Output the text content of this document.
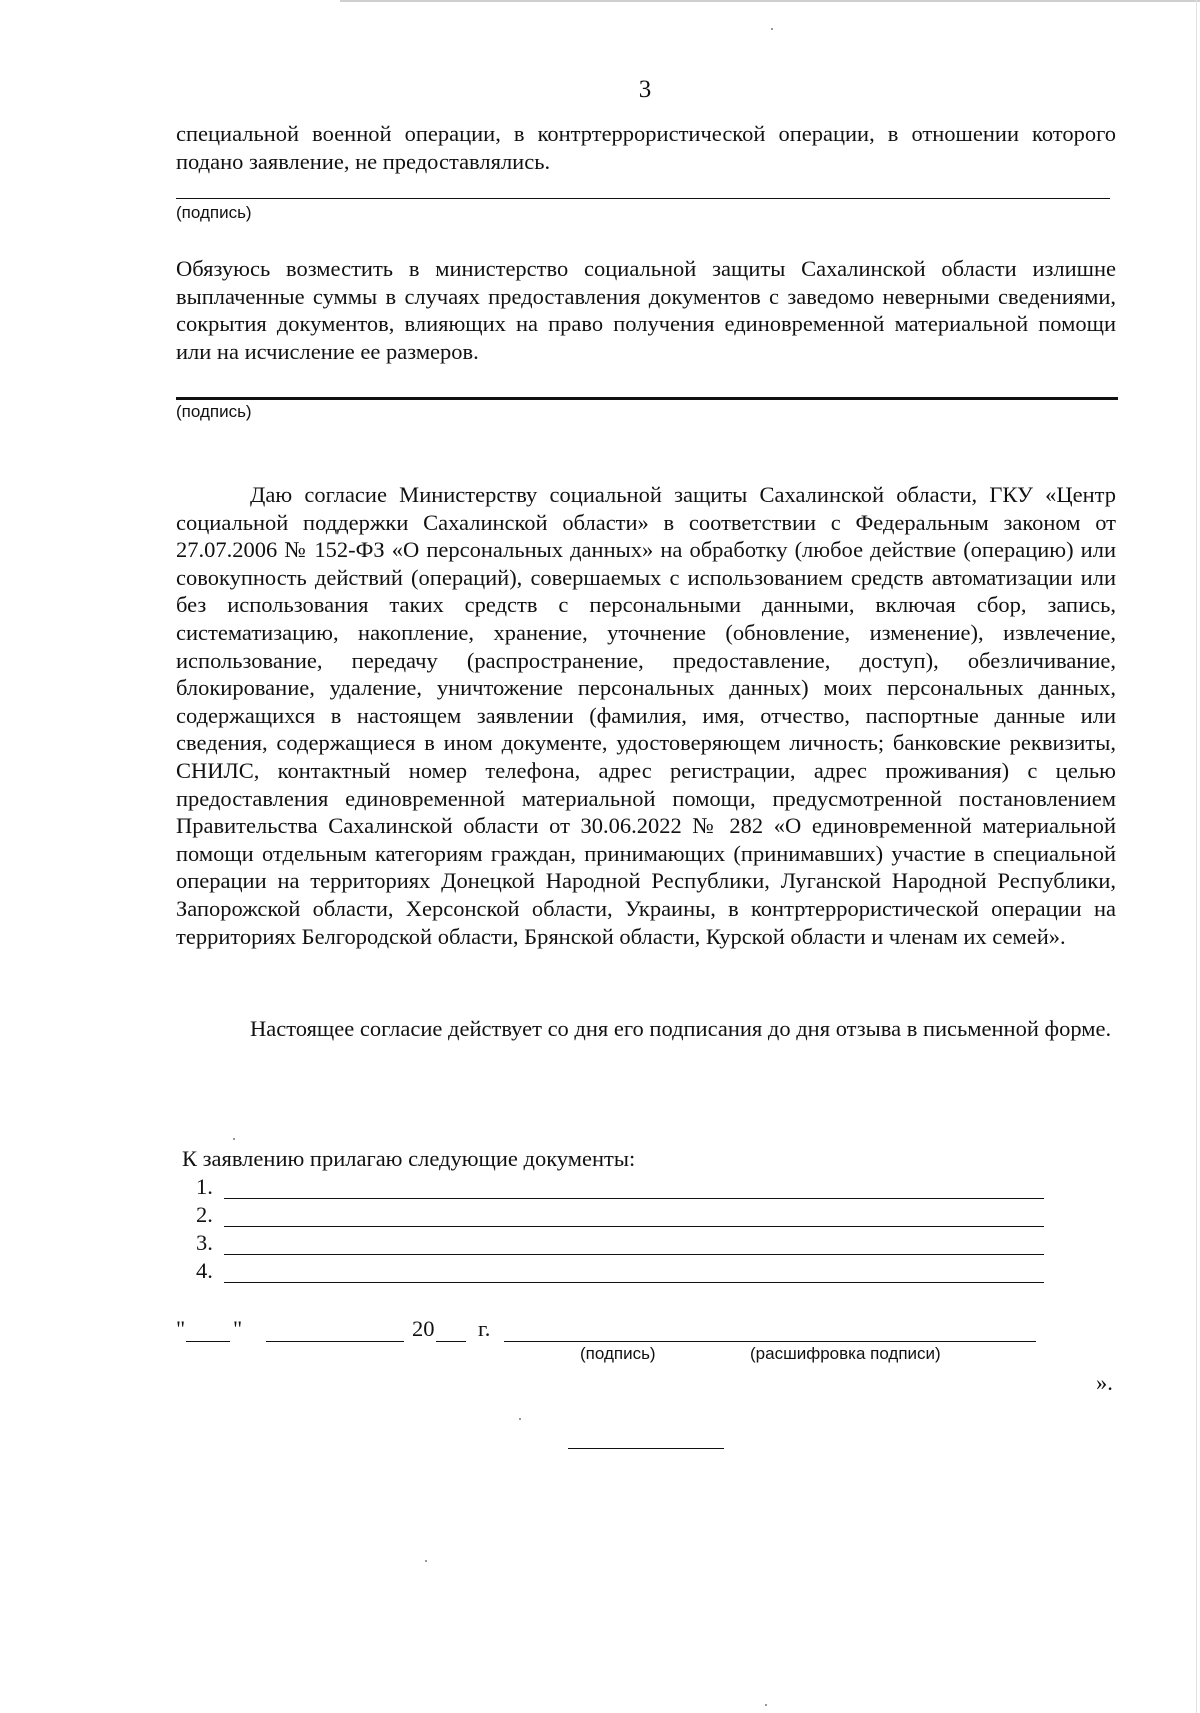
3

специальной военной операции, в контртеррористической операции, в отношении которого подано заявление, не предоставлялись.

(подпись)

Обязуюсь возместить в министерство социальной защиты Сахалинской области излишне выплаченные суммы в случаях предоставления документов с заведомо неверными сведениями, сокрытия документов, влияющих на право получения единовременной материальной помощи или на исчисление ее размеров.

(подпись)

Даю согласие Министерству социальной защиты Сахалинской области, ГКУ «Центр социальной поддержки Сахалинской области» в соответствии с Федеральным законом от 27.07.2006 № 152-ФЗ «О персональных данных» на обработку (любое действие (операцию) или совокупность действий (операций), совершаемых с использованием средств автоматизации или без использования таких средств с персональными данными, включая сбор, запись, систематизацию, накопление, хранение, уточнение (обновление, изменение), извлечение, использование, передачу (распространение, предоставление, доступ), обезличивание, блокирование, удаление, уничтожение персональных данных) моих персональных данных, содержащихся в настоящем заявлении (фамилия, имя, отчество, паспортные данные или сведения, содержащиеся в ином документе, удостоверяющем личность; банковские реквизиты, СНИЛС, контактный номер телефона, адрес регистрации, адрес проживания) с целью предоставления единовременной материальной помощи, предусмотренной постановлением Правительства Сахалинской области от 30.06.2022 № 282 «О единовременной материальной помощи отдельным категориям граждан, принимающих (принимавших) участие в специальной операции на территориях Донецкой Народной Республики, Луганской Народной Республики, Запорожской области, Херсонской области, Украины, в контртеррористической операции на территориях Белгородской области, Брянской области, Курской области и членам их семей».

Настоящее согласие действует со дня его подписания до дня отзыва в письменной форме.

К заявлению прилагаю следующие документы:
1.
2.
3.
4.
" "	20 г.
(подпись)	(расшифровка подписи)
».
